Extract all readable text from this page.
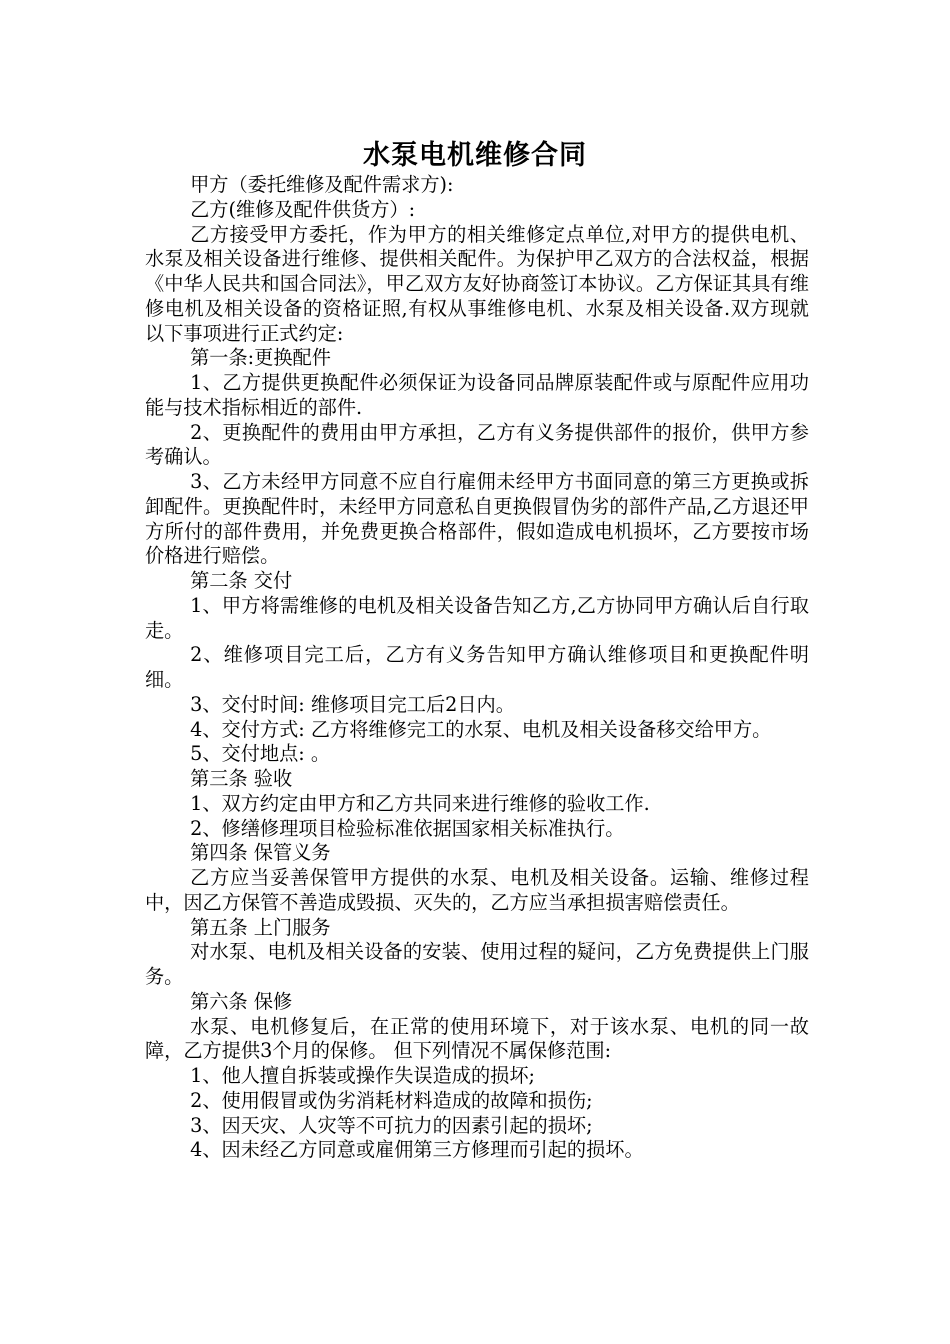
水泵电机维修合同

甲方（委托维修及配件需求方):

乙方(维修及配件供货方）:

乙方接受甲方委托，作为甲方的相关维修定点单位,对甲方的提供电机、水泵及相关设备进行维修、提供相关配件。为保护甲乙双方的合法权益，根据《中华人民共和国合同法》，甲乙双方友好协商签订本协议。乙方保证其具有维修电机及相关设备的资格证照,有权从事维修电机、水泵及相关设备.双方现就以下事项进行正式约定:

第一条:更换配件

1、乙方提供更换配件必须保证为设备同品牌原装配件或与原配件应用功能与技术指标相近的部件.

2、更换配件的费用由甲方承担，乙方有义务提供部件的报价，供甲方参考确认。

3、乙方未经甲方同意不应自行雇佣未经甲方书面同意的第三方更换或拆卸配件。更换配件时，未经甲方同意私自更换假冒伪劣的部件产品,乙方退还甲方所付的部件费用，并免费更换合格部件，假如造成电机损坏，乙方要按市场价格进行赔偿。

第二条 交付

1、甲方将需维修的电机及相关设备告知乙方,乙方协同甲方确认后自行取走。

2、维修项目完工后，乙方有义务告知甲方确认维修项目和更换配件明细。

3、交付时间: 维修项目完工后2日内。

4、交付方式: 乙方将维修完工的水泵、电机及相关设备移交给甲方。

5、交付地点: 。

第三条 验收

1、双方约定由甲方和乙方共同来进行维修的验收工作.

2、修缮修理项目检验标准依据国家相关标准执行。

第四条 保管义务

乙方应当妥善保管甲方提供的水泵、电机及相关设备。运输、维修过程中，因乙方保管不善造成毁损、灭失的，乙方应当承担损害赔偿责任。

第五条 上门服务

对水泵、电机及相关设备的安装、使用过程的疑问，乙方免费提供上门服务。

第六条 保修

水泵、电机修复后，在正常的使用环境下，对于该水泵、电机的同一故障，乙方提供3个月的保修。 但下列情况不属保修范围:

1、他人擅自拆装或操作失误造成的损坏;

2、使用假冒或伪劣消耗材料造成的故障和损伤;

3、因天灾、人灾等不可抗力的因素引起的损坏;

4、因未经乙方同意或雇佣第三方修理而引起的损坏。
